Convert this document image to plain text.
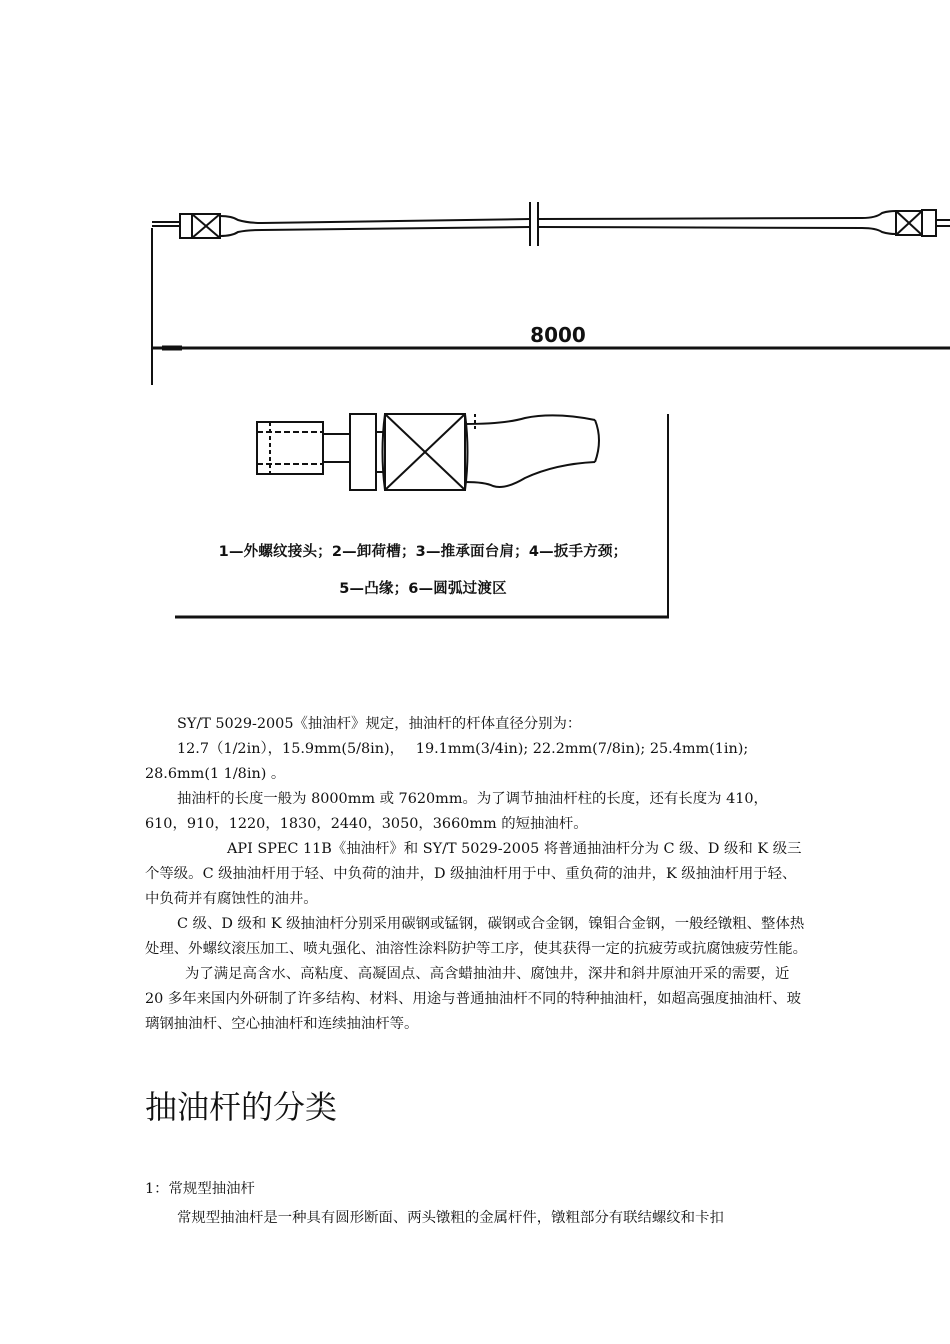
8000
1—外螺纹接头；2—卸荷槽；3—推承面台肩；4—扳手方颈；
5—凸缘；6—圆弧过渡区

SY/T 5029-2005《抽油杆》规定，抽油杆的杆体直径分别为：

12.7（1/2in），15.9mm(5/8in)，　 19.1mm(3/4in); 22.2mm(7/8in); 25.4mm(1in); 28.6mm(1 1/8in) 。

抽油杆的长度一般为 8000mm 或 7620mm。为了调节抽油杆柱的长度，还有长度为 410，610，910，1220，1830，2440，3050，3660mm 的短抽油杆。

API SPEC 11B《抽油杆》和 SY/T 5029-2005 将普通抽油杆分为 C 级、D 级和 K 级三个等级。C 级抽油杆用于轻、中负荷的油井，D 级抽油杆用于中、重负荷的油井，K 级抽油杆用于轻、中负荷并有腐蚀性的油井。

C 级、D 级和 K 级抽油杆分别采用碳钢或锰钢，碳钢或合金钢，镍钼合金钢，一般经镦粗、整体热处理、外螺纹滚压加工、喷丸强化、油溶性涂料防护等工序，使其获得一定的抗疲劳或抗腐蚀疲劳性能。

为了满足高含水、高粘度、高凝固点、高含蜡抽油井、腐蚀井，深井和斜井原油开采的需要，近 20 多年来国内外研制了许多结构、材料、用途与普通抽油杆不同的特种抽油杆，如超高强度抽油杆、玻璃钢抽油杆、空心抽油杆和连续抽油杆等。

抽油杆的分类

1：常规型抽油杆

常规型抽油杆是一种具有圆形断面、两头镦粗的金属杆件，镦粗部分有联结螺纹和卡扣
